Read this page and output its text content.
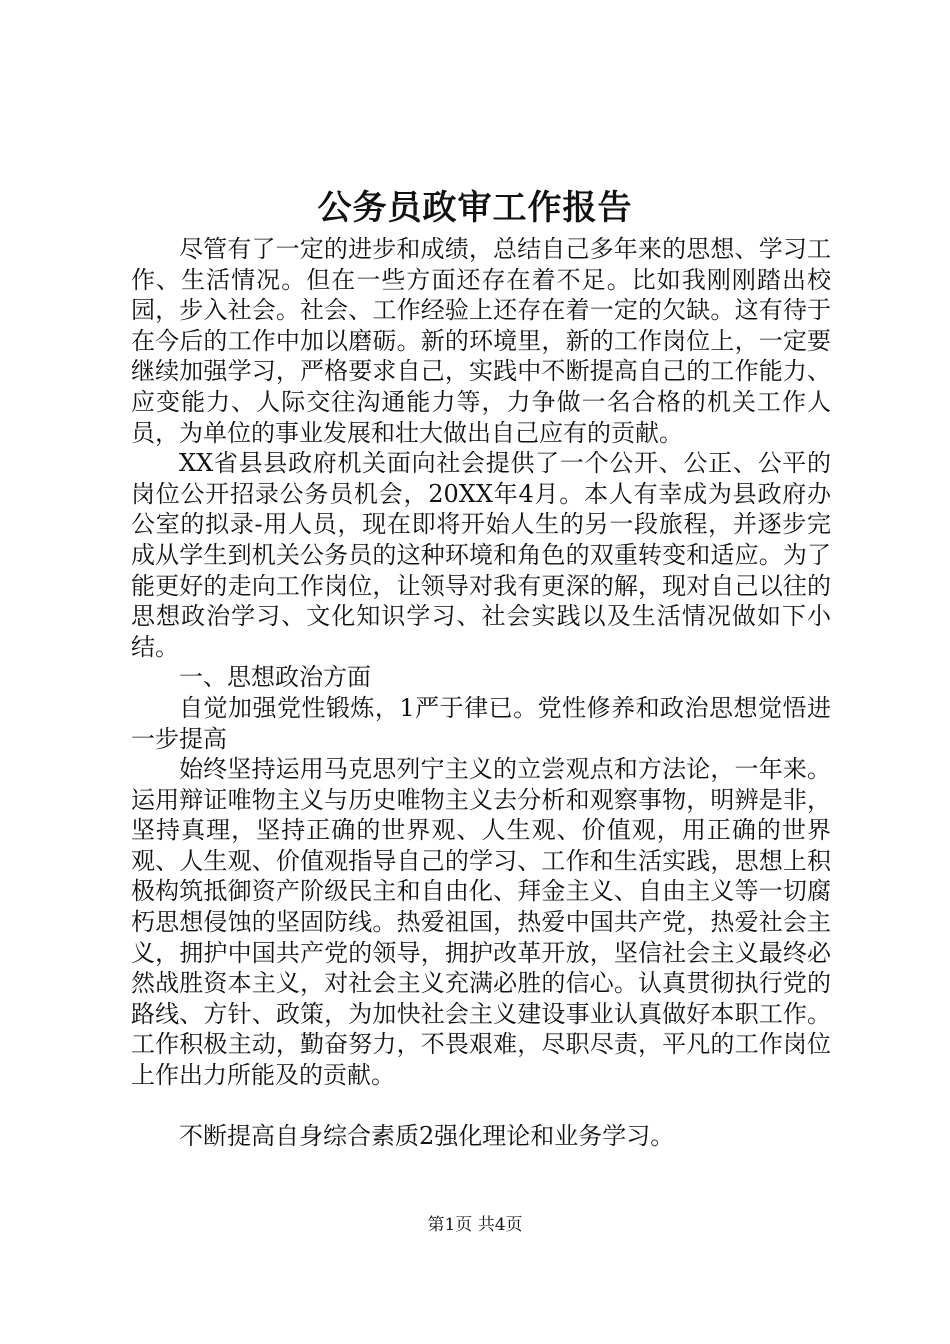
公务员政审工作报告

尽管有了一定的进步和成绩，总结自己多年来的思想、学习工作、生活情况。但在一些方面还存在着不足。比如我刚刚踏出校园，步入社会。社会、工作经验上还存在着一定的欠缺。这有待于在今后的工作中加以磨砺。新的环境里，新的工作岗位上，一定要继续加强学习，严格要求自己，实践中不断提高自己的工作能力、应变能力、人际交往沟通能力等，力争做一名合格的机关工作人员，为单位的事业发展和壮大做出自己应有的贡献。

XX省县县政府机关面向社会提供了一个公开、公正、公平的岗位公开招录公务员机会，20XX年4月。本人有幸成为县政府办公室的拟录-用人员，现在即将开始人生的另一段旅程，并逐步完成从学生到机关公务员的这种环境和角色的双重转变和适应。为了能更好的走向工作岗位，让领导对我有更深的解，现对自己以往的思想政治学习、文化知识学习、社会实践以及生活情况做如下小结。

一、思想政治方面

自觉加强党性锻炼，1严于律已。党性修养和政治思想觉悟进一步提高

始终坚持运用马克思列宁主义的立尝观点和方法论，一年来。运用辩证唯物主义与历史唯物主义去分析和观察事物，明辨是非，坚持真理，坚持正确的世界观、人生观、价值观，用正确的世界观、人生观、价值观指导自己的学习、工作和生活实践，思想上积极构筑抵御资产阶级民主和自由化、拜金主义、自由主义等一切腐朽思想侵蚀的坚固防线。热爱祖国，热爱中国共产党，热爱社会主义，拥护中国共产党的领导，拥护改革开放，坚信社会主义最终必然战胜资本主义，对社会主义充满必胜的信心。认真贯彻执行党的路线、方针、政策，为加快社会主义建设事业认真做好本职工作。工作积极主动，勤奋努力，不畏艰难，尽职尽责，平凡的工作岗位上作出力所能及的贡献。

不断提高自身综合素质2强化理论和业务学习。

第1页 共4页
